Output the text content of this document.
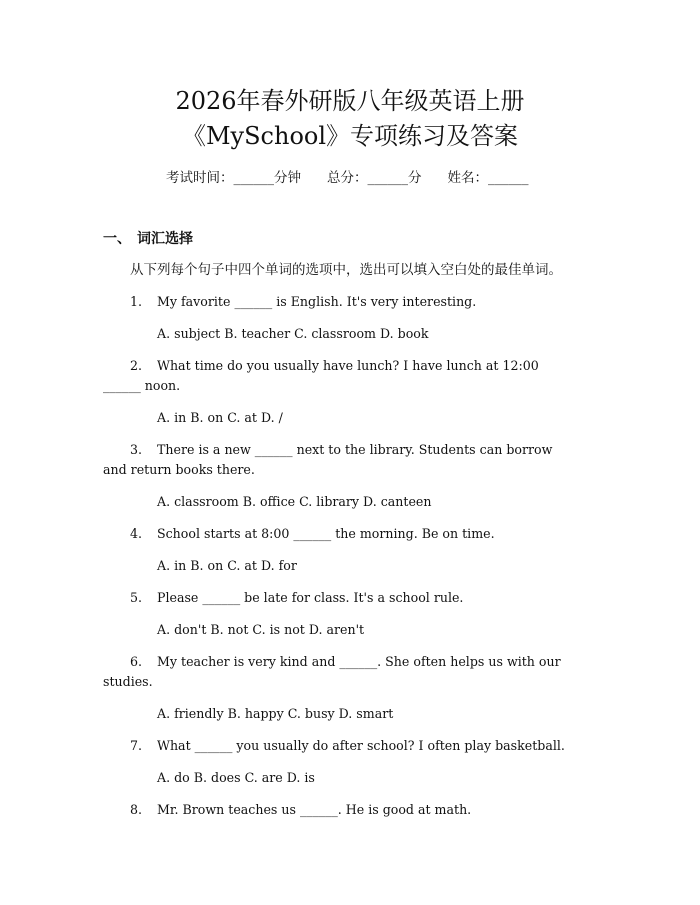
2026年春外研版八年级英语上册
《MySchool》专项练习及答案
考试时间：______分钟 总分：______分 姓名：______
一、 词汇选择
从下列每个句子中四个单词的选项中，选出可以填入空白处的最佳单词。
1. My favorite ______ is English. It's very interesting.
A. subject B. teacher C. classroom D. book
2. What time do you usually have lunch? I have lunch at 12:00
______ noon.
A. in B. on C. at D. /
3. There is a new ______ next to the library. Students can borrow
and return books there.
A. classroom B. office C. library D. canteen
4. School starts at 8:00 ______ the morning. Be on time.
A. in B. on C. at D. for
5. Please ______ be late for class. It's a school rule.
A. don't B. not C. is not D. aren't
6. My teacher is very kind and ______. She often helps us with our
studies.
A. friendly B. happy C. busy D. smart
7. What ______ you usually do after school? I often play basketball.
A. do B. does C. are D. is
8. Mr. Brown teaches us ______. He is good at math.
